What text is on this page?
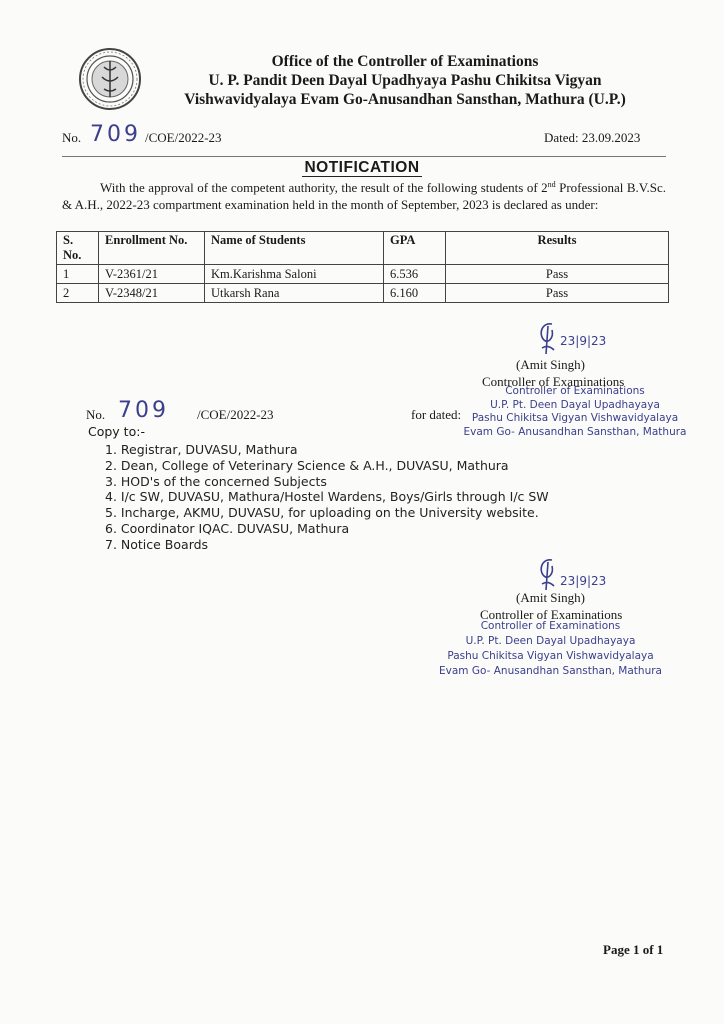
Office of the Controller of Examinations
U. P. Pandit Deen Dayal Upadhyaya Pashu Chikitsa Vigyan
Vishwavidyalaya Evam Go-Anusandhan Sansthan, Mathura (U.P.)
No. 709 /COE/2022-23	Dated: 23.09.2023
NOTIFICATION
With the approval of the competent authority, the result of the following students of 2nd Professional B.V.Sc. & A.H., 2022-23 compartment examination held in the month of September, 2023 is declared as under:
S. No.	Enrollment No.	Name of Students	GPA	Results
1	V-2361/21	Km.Karishma Saloni	6.536	Pass
2	V-2348/21	Utkarsh Rana	6.160	Pass
23|9|23
(Amit Singh)
Controller of Examinations
Controller of Examinations
U.P. Pt. Deen Dayal Upadhayaya
Pashu Chikitsa Vigyan Vishwavidyalaya
Evam Go- Anusandhan Sansthan, Mathura
No. 709 /COE/2022-23	for dated:
Copy to:-
1. Registrar, DUVASU, Mathura
2. Dean, College of Veterinary Science & A.H., DUVASU, Mathura
3. HOD's of the concerned Subjects
4. I/c SW, DUVASU, Mathura/Hostel Wardens, Boys/Girls through I/c SW
5. Incharge, AKMU, DUVASU, for uploading on the University website.
6. Coordinator IQAC. DUVASU, Mathura
7. Notice Boards
23|9|23
(Amit Singh)
Controller of Examinations
Controller of Examinations
U.P. Pt. Deen Dayal Upadhayaya
Pashu Chikitsa Vigyan Vishwavidyalaya
Evam Go- Anusandhan Sansthan, Mathura
Page 1 of 1
